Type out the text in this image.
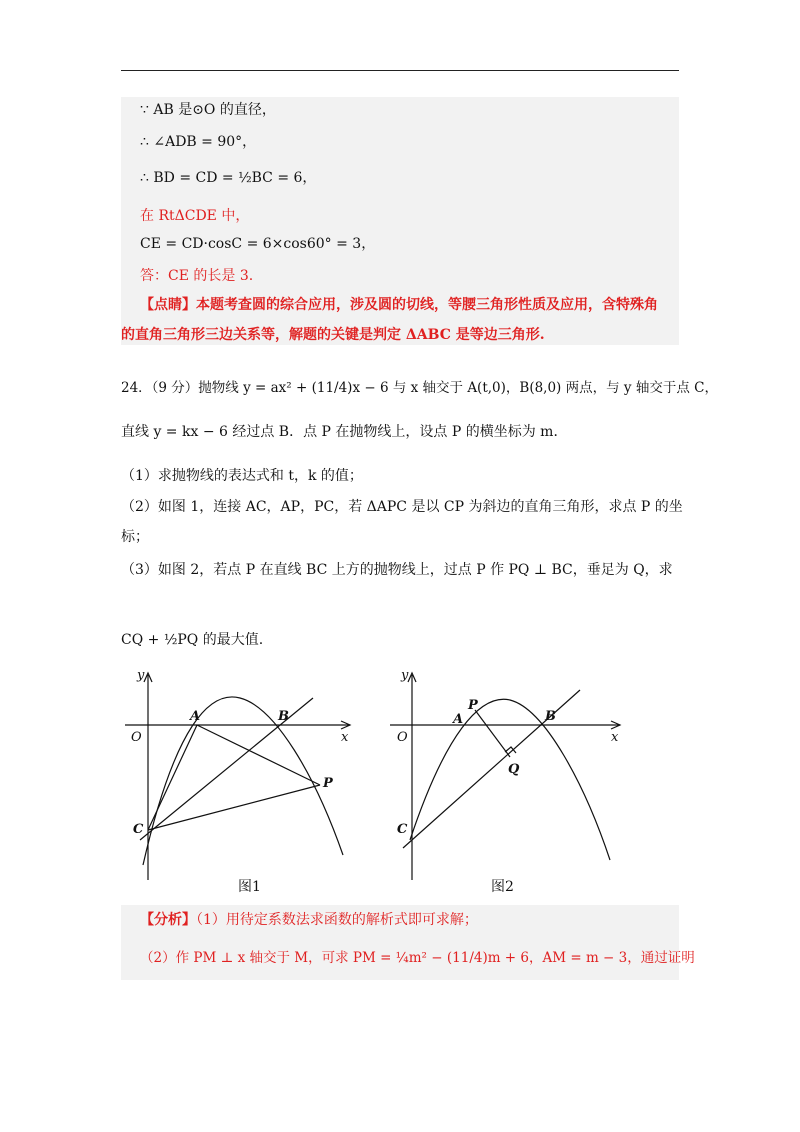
∵ AB 是⊙O 的直径，
∴ ∠ADB = 90°，
∴ BD = CD = ½BC = 6，
在 RtΔCDE 中，
CE = CD·cosC = 6×cos60° = 3，
答：CE 的长是 3.
【点睛】本题考查圆的综合应用，涉及圆的切线，等腰三角形性质及应用，含特殊角
的直角三角形三边关系等，解题的关键是判定 ΔABC 是等边三角形.
24．（9 分）抛物线 y = ax² + (11/4)x − 6 与 x 轴交于 A(t,0)，B(8,0) 两点，与 y 轴交于点 C，
直线 y = kx − 6 经过点 B．点 P 在抛物线上，设点 P 的横坐标为 m．
（1）求抛物线的表达式和 t，k 的值；
（2）如图 1，连接 AC，AP，PC，若 ΔAPC 是以 CP 为斜边的直角三角形，求点 P 的坐
标；
（3）如图 2，若点 P 在直线 BC 上方的抛物线上，过点 P 作 PQ ⊥ BC，垂足为 Q，求
CQ + ½PQ 的最大值.
y
x
O
A	B
P
C
图1
y
x
O
A
P
B
Q
C
图2
【分析】（1）用待定系数法求函数的解析式即可求解；
（2）作 PM ⊥ x 轴交于 M，可求 PM = ¼m² − (11/4)m + 6，AM = m − 3，通过证明
